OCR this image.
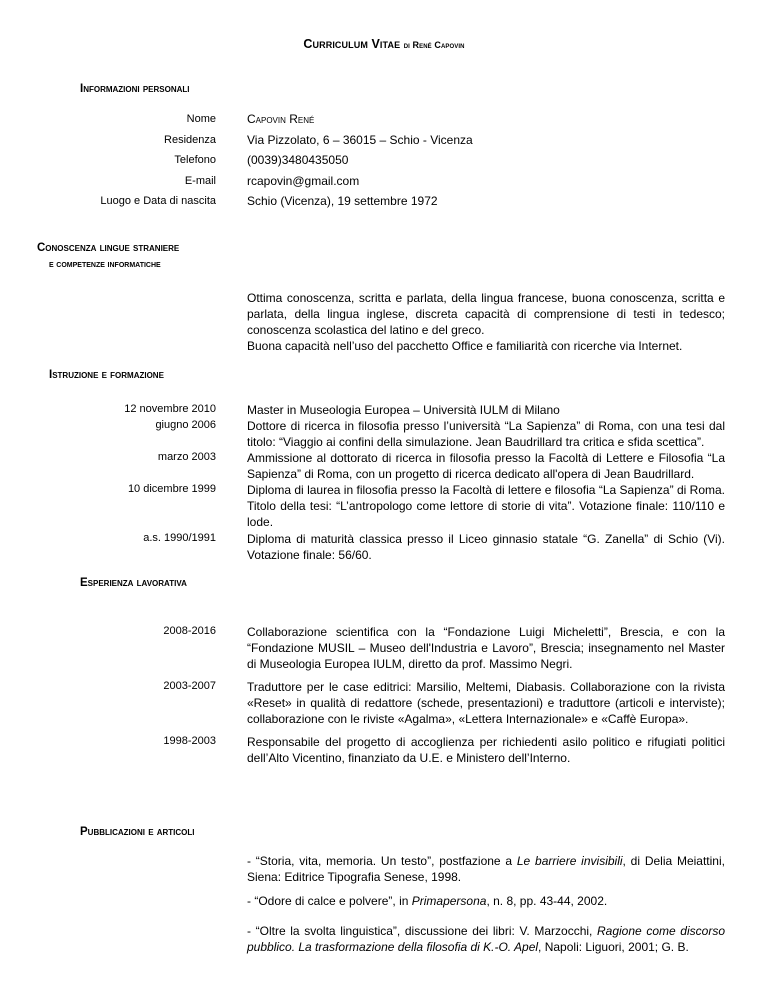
Curriculum Vitae di René Capovin
Informazioni personali
Nome	Capovin René
Residenza	Via Pizzolato, 6 – 36015 – Schio - Vicenza
Telefono	(0039)3480435050
E-mail	rcapovin@gmail.com
Luogo e Data di nascita	Schio (Vicenza), 19 settembre 1972
Conoscenza lingue straniere
e competenze informatiche
Ottima conoscenza, scritta e parlata, della lingua francese, buona conoscenza, scritta e parlata, della lingua inglese, discreta capacità di comprensione di testi in tedesco; conoscenza scolastica del latino e del greco.
Buona capacità nell’uso del pacchetto Office e familiarità con ricerche via Internet.
Istruzione e formazione
12 novembre 2010	Master in Museologia Europea – Università IULM di Milano
giugno 2006	Dottore di ricerca in filosofia presso l’università “La Sapienza” di Roma, con una tesi dal titolo: “Viaggio ai confini della simulazione. Jean Baudrillard tra critica e sfida scettica”.
marzo 2003	Ammissione al dottorato di ricerca in filosofia presso la Facoltà di Lettere e Filosofia “La Sapienza” di Roma, con un progetto di ricerca dedicato all'opera di Jean Baudrillard.
10 dicembre 1999	Diploma di laurea in filosofia presso la Facoltà di lettere e filosofia “La Sapienza” di Roma. Titolo della tesi: “L’antropologo come lettore di storie di vita”. Votazione finale: 110/110 e lode.
a.s. 1990/1991	Diploma di maturità classica presso il Liceo ginnasio statale “G. Zanella” di Schio (Vi). Votazione finale: 56/60.
Esperienza lavorativa
2008-2016	Collaborazione scientifica con la “Fondazione Luigi Micheletti”, Brescia, e con la “Fondazione MUSIL – Museo dell'Industria e Lavoro”, Brescia; insegnamento nel Master di Museologia Europea IULM, diretto da prof. Massimo Negri.
2003-2007	Traduttore per le case editrici: Marsilio, Meltemi, Diabasis. Collaborazione con la rivista «Reset» in qualità di redattore (schede, presentazioni) e traduttore (articoli e interviste); collaborazione con le riviste «Agalma», «Lettera Internazionale» e «Caffè Europa».
1998-2003	Responsabile del progetto di accoglienza per richiedenti asilo politico e rifugiati politici dell’Alto Vicentino, finanziato da U.E. e Ministero dell’Interno.
Pubblicazioni e articoli
- “Storia, vita, memoria. Un testo”, postfazione a Le barriere invisibili, di Delia Meiattini, Siena: Editrice Tipografia Senese, 1998.
- “Odore di calce e polvere”, in Primapersona, n. 8, pp. 43-44, 2002.
- “Oltre la svolta linguistica”, discussione dei libri: V. Marzocchi, Ragione come discorso pubblico. La trasformazione della filosofia di K.-O. Apel, Napoli: Liguori, 2001; G. B.
